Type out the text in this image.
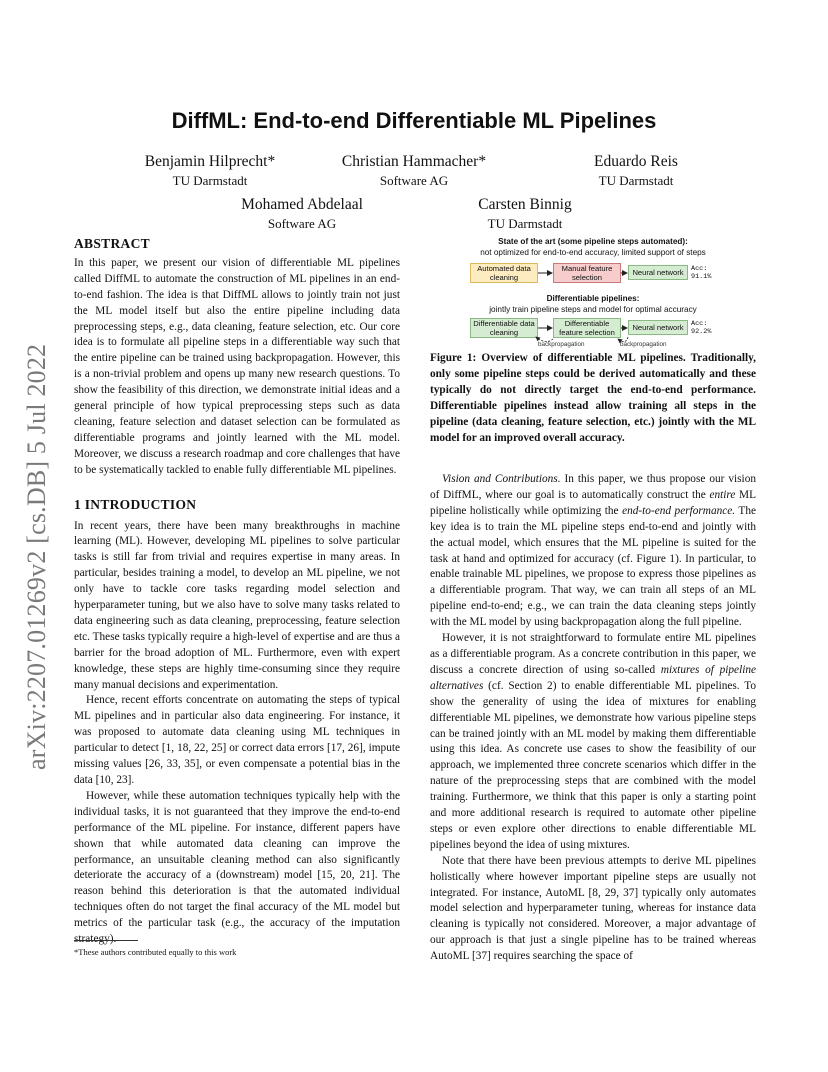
arXiv:2207.01269v2 [cs.DB] 5 Jul 2022
DiffML: End-to-end Differentiable ML Pipelines
Benjamin Hilprecht*
TU Darmstadt
Christian Hammacher*
Software AG
Eduardo Reis
TU Darmstadt
Mohamed Abdelaal
Software AG
Carsten Binnig
TU Darmstadt
ABSTRACT

In this paper, we present our vision of differentiable ML pipelines called DiffML to automate the construction of ML pipelines in an end-to-end fashion. The idea is that DiffML allows to jointly train not just the ML model itself but also the entire pipeline including data preprocessing steps, e.g., data cleaning, feature selection, etc. Our core idea is to formulate all pipeline steps in a differentiable way such that the entire pipeline can be trained using backpropagation. However, this is a non-trivial problem and opens up many new research questions. To show the feasibility of this direction, we demonstrate initial ideas and a general principle of how typical preprocessing steps such as data cleaning, feature selection and dataset selection can be formulated as differentiable programs and jointly learned with the ML model. Moreover, we discuss a research roadmap and core challenges that have to be systematically tackled to enable fully differentiable ML pipelines.

1 INTRODUCTION

In recent years, there have been many breakthroughs in machine learning (ML). However, developing ML pipelines to solve particular tasks is still far from trivial and requires expertise in many areas. In particular, besides training a model, to develop an ML pipeline, we not only have to tackle core tasks regarding model selection and hyperparameter tuning, but we also have to solve many tasks related to data engineering such as data cleaning, preprocessing, feature selection etc. These tasks typically require a high-level of expertise and are thus a barrier for the broad adoption of ML. Furthermore, even with expert knowledge, these steps are highly time-consuming since they require many manual decisions and experimentation.

Hence, recent efforts concentrate on automating the steps of typical ML pipelines and in particular also data engineering. For instance, it was proposed to automate data cleaning using ML techniques in particular to detect [1, 18, 22, 25] or correct data errors [17, 26], impute missing values [26, 33, 35], or even compensate a potential bias in the data [10, 23].

However, while these automation techniques typically help with the individual tasks, it is not guaranteed that they improve the end-to-end performance of the ML pipeline. For instance, different papers have shown that while automated data cleaning can improve the performance, an unsuitable cleaning method can also significantly deteriorate the accuracy of a (downstream) model [15, 20, 21]. The reason behind this deterioration is that the automated individual techniques often do not target the final accuracy of the ML model but metrics of the particular task (e.g., the accuracy of the imputation strategy).

*These authors contributed equally to this work
State of the art (some pipeline steps automated):
not optimized for end-to-end accuracy, limited support of steps
Automated data cleaning
Manual feature selection
Neural network	Acc:
91.1%
Differentiable pipelines:
jointly train pipeline steps and model for optimal accuracy
Differentiable data cleaning
Differentiable feature selection
Neural network	Acc:
92.2%
backpropagation	backpropagation
Figure 1: Overview of differentiable ML pipelines. Traditionally, only some pipeline steps could be derived automatically and these typically do not directly target the end-to-end performance. Differentiable pipelines instead allow training all steps in the pipeline (data cleaning, feature selection, etc.) jointly with the ML model for an improved overall accuracy.

Vision and Contributions. In this paper, we thus propose our vision of DiffML, where our goal is to automatically construct the entire ML pipeline holistically while optimizing the end-to-end performance. The key idea is to train the ML pipeline steps end-to-end and jointly with the actual model, which ensures that the ML pipeline is suited for the task at hand and optimized for accuracy (cf. Figure 1). In particular, to enable trainable ML pipelines, we propose to express those pipelines as a differentiable program. That way, we can train all steps of an ML pipeline end-to-end; e.g., we can train the data cleaning steps jointly with the ML model by using backpropagation along the full pipeline.

However, it is not straightforward to formulate entire ML pipelines as a differentiable program. As a concrete contribution in this paper, we discuss a concrete direction of using so-called mixtures of pipeline alternatives (cf. Section 2) to enable differentiable ML pipelines. To show the generality of using the idea of mixtures for enabling differentiable ML pipelines, we demonstrate how various pipeline steps can be trained jointly with an ML model by making them differentiable using this idea. As concrete use cases to show the feasibility of our approach, we implemented three concrete scenarios which differ in the nature of the preprocessing steps that are combined with the model training. Furthermore, we think that this paper is only a starting point and more additional research is required to automate other pipeline steps or even explore other directions to enable differentiable ML pipelines beyond the idea of using mixtures.

Note that there have been previous attempts to derive ML pipelines holistically where however important pipeline steps are usually not integrated. For instance, AutoML [8, 29, 37] typically only automates model selection and hyperparameter tuning, whereas for instance data cleaning is typically not considered. Moreover, a major advantage of our approach is that just a single pipeline has to be trained whereas AutoML [37] requires searching the space of
